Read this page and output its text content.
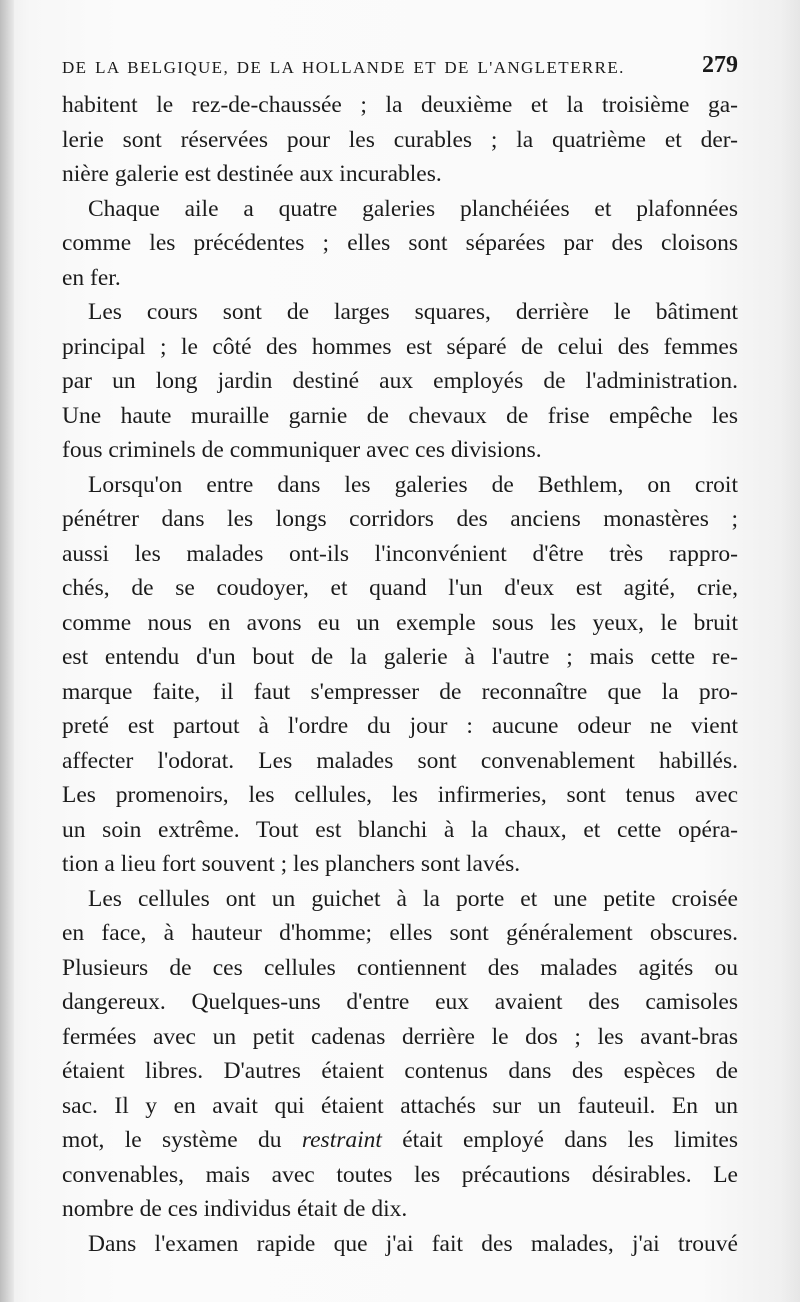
DE LA BELGIQUE, DE LA HOLLANDE ET DE L'ANGLETERRE.	279
habitent le rez-de-chaussée ; la deuxième et la troisième ga-
lerie sont réservées pour les curables ; la quatrième et der-
nière galerie est destinée aux incurables.
Chaque aile a quatre galeries planchéiées et plafonnées
comme les précédentes ; elles sont séparées par des cloisons
en fer.
Les cours sont de larges squares, derrière le bâtiment
principal ; le côté des hommes est séparé de celui des femmes
par un long jardin destiné aux employés de l'administration.
Une haute muraille garnie de chevaux de frise empêche les
fous criminels de communiquer avec ces divisions.
Lorsqu'on entre dans les galeries de Bethlem, on croit
pénétrer dans les longs corridors des anciens monastères ;
aussi les malades ont-ils l'inconvénient d'être très rappro-
chés, de se coudoyer, et quand l'un d'eux est agité, crie,
comme nous en avons eu un exemple sous les yeux, le bruit
est entendu d'un bout de la galerie à l'autre ; mais cette re-
marque faite, il faut s'empresser de reconnaître que la pro-
preté est partout à l'ordre du jour : aucune odeur ne vient
affecter l'odorat. Les malades sont convenablement habillés.
Les promenoirs, les cellules, les infirmeries, sont tenus avec
un soin extrême. Tout est blanchi à la chaux, et cette opéra-
tion a lieu fort souvent ; les planchers sont lavés.
Les cellules ont un guichet à la porte et une petite croisée
en face, à hauteur d'homme; elles sont généralement obscures.
Plusieurs de ces cellules contiennent des malades agités ou
dangereux. Quelques-uns d'entre eux avaient des camisoles
fermées avec un petit cadenas derrière le dos ; les avant-bras
étaient libres. D'autres étaient contenus dans des espèces de
sac. Il y en avait qui étaient attachés sur un fauteuil. En un
mot, le système du restraint était employé dans les limites
convenables, mais avec toutes les précautions désirables. Le
nombre de ces individus était de dix.
Dans l'examen rapide que j'ai fait des malades, j'ai trouvé
